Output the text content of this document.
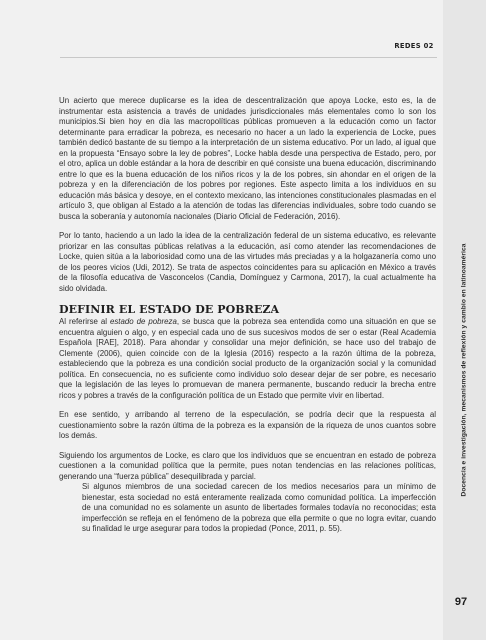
REDES 02

Un acierto que merece duplicarse es la idea de descentralización que apoya Locke, esto es, la de instrumentar esta asistencia a través de unidades jurisdiccionales más elementales como lo son los municipios.Si bien hoy en día las macropolíticas públicas promueven a la educación como un factor determinante para erradicar la pobreza, es necesario no hacer a un lado la experiencia de Locke, pues también dedicó bastante de su tiempo a la interpretación de un sistema educativo. Por un lado, al igual que en la propuesta “Ensayo sobre la ley de pobres”, Locke habla desde una perspectiva de Estado, pero, por el otro, aplica un doble estándar a la hora de describir en qué consiste una buena educación, discriminando entre lo que es la buena educación de los niños ricos y la de los pobres, sin ahondar en el origen de la pobreza y en la diferenciación de los pobres por regiones. Este aspecto limita a los individuos en su educación más básica y desoye, en el contexto mexicano, las intenciones constitucionales plasmadas en el artículo 3, que obligan al Estado a la atención de todas las diferencias individuales, sobre todo cuando se busca la soberanía y autonomía nacionales (Diario Oficial de Federación, 2016).

Por lo tanto, haciendo a un lado la idea de la centralización federal de un sistema educativo, es relevante priorizar en las consultas públicas relativas a la educación, así como atender las recomendaciones de Locke, quien sitúa a la laboriosidad como una de las virtudes más preciadas y a la holgazanería como uno de los peores vicios (Udi, 2012). Se trata de aspectos coincidentes para su aplicación en México a través de la filosofía educativa de Vasconcelos (Candia, Domínguez y Carmona, 2017), la cual actualmente ha sido olvidada.

DEFINIR EL ESTADO DE POBREZA

Al referirse al estado de pobreza, se busca que la pobreza sea entendida como una situación en que se encuentra alguien o algo, y en especial cada uno de sus sucesivos modos de ser o estar (Real Academia Española [RAE], 2018). Para ahondar y consolidar una mejor definición, se hace uso del trabajo de Clemente (2006), quien coincide con de la Iglesia (2016) respecto a la razón última de la pobreza, estableciendo que la pobreza es una condición social producto de la organización social y la comunidad política. En consecuencia, no es suficiente como individuo solo desear dejar de ser pobre, es necesario que la legislación de las leyes lo promuevan de manera permanente, buscando reducir la brecha entre ricos y pobres a través de la configuración política de un Estado que permite vivir en libertad.

En ese sentido, y arribando al terreno de la especulación, se podría decir que la respuesta al cuestionamiento sobre la razón última de la pobreza es la expansión de la riqueza de unos cuantos sobre los demás.

Siguiendo los argumentos de Locke, es claro que los individuos que se encuentran en estado de pobreza cuestionen a la comunidad política que la permite, pues notan tendencias en las relaciones políticas, generando una “fuerza pública” desequilibrada y parcial.

Si algunos miembros de una sociedad carecen de los medios necesarios para un mínimo de bienestar, esta sociedad no está enteramente realizada como comunidad política. La imperfección de una comunidad no es solamente un asunto de libertades formales todavía no reconocidas; esta imperfección se refleja en el fenómeno de la pobreza que ella permite o que no logra evitar, cuando su finalidad le urge asegurar para todos la propiedad (Ponce, 2011, p. 55).

Docencia e investigación, mecanismos de reflexión y cambio en latinoamérica
97
